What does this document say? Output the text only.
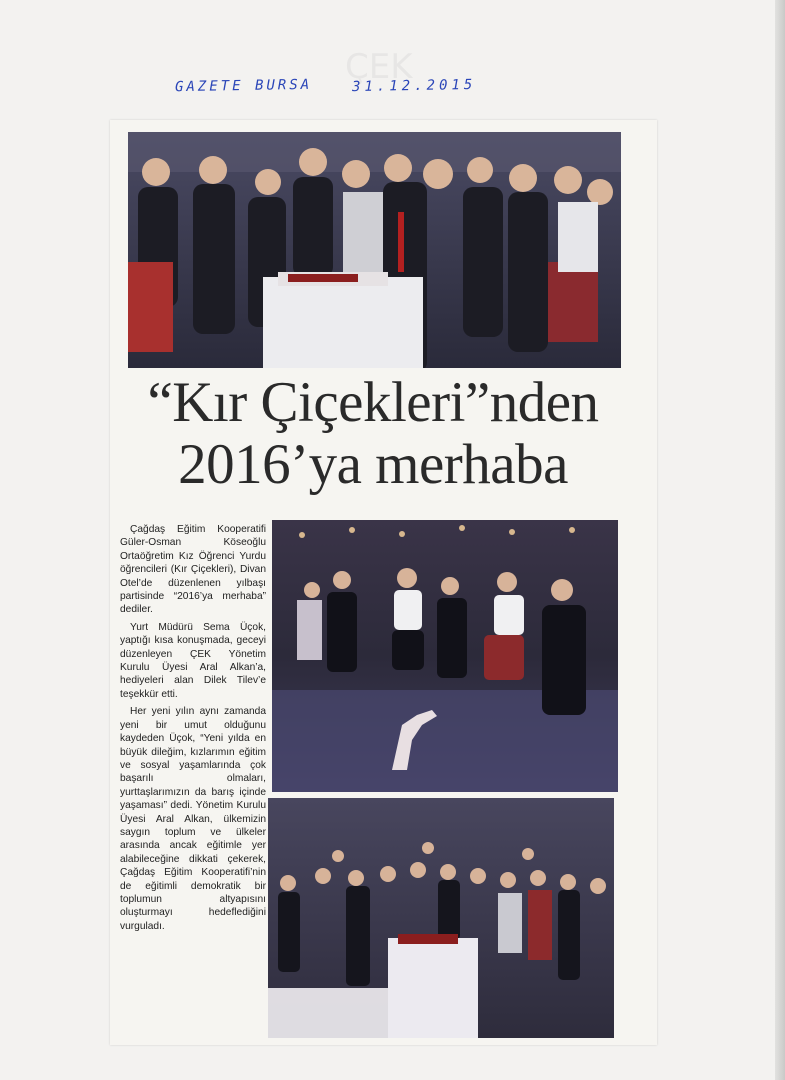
ÇEK
GAZETE BURSA	31.12.2015
“Kır Çiçekleri”nden
2016’ya merhaba

Çağdaş Eğitim Kooperatifi Güler-Osman Köseoğlu Ortaöğretim Kız Öğrenci Yurdu öğrencileri (Kır Çiçekleri), Divan Otel’de düzenlenen yılbaşı partisinde “2016’ya merhaba” dediler.

Yurt Müdürü Sema Üçok, yaptığı kısa konuşmada, geceyi düzenleyen ÇEK Yönetim Kurulu Üyesi Aral Alkan’a, hediyeleri alan Dilek Tilev’e teşekkür etti.

Her yeni yılın aynı zamanda yeni bir umut olduğunu kaydeden Üçok, “Yeni yılda en büyük dileğim, kızlarımın eğitim ve sosyal yaşamlarında çok başarılı olmaları, yurttaşlarımızın da barış içinde yaşaması” dedi. Yönetim Kurulu Üyesi Aral Alkan, ülkemizin saygın toplum ve ülkeler arasında ancak eğitimle yer alabileceğine dikkati çekerek, Çağdaş Eğitim Kooperatifi’nin de eğitimli demokratik bir toplumun altyapısını oluşturmayı hedeflediğini vurguladı.
